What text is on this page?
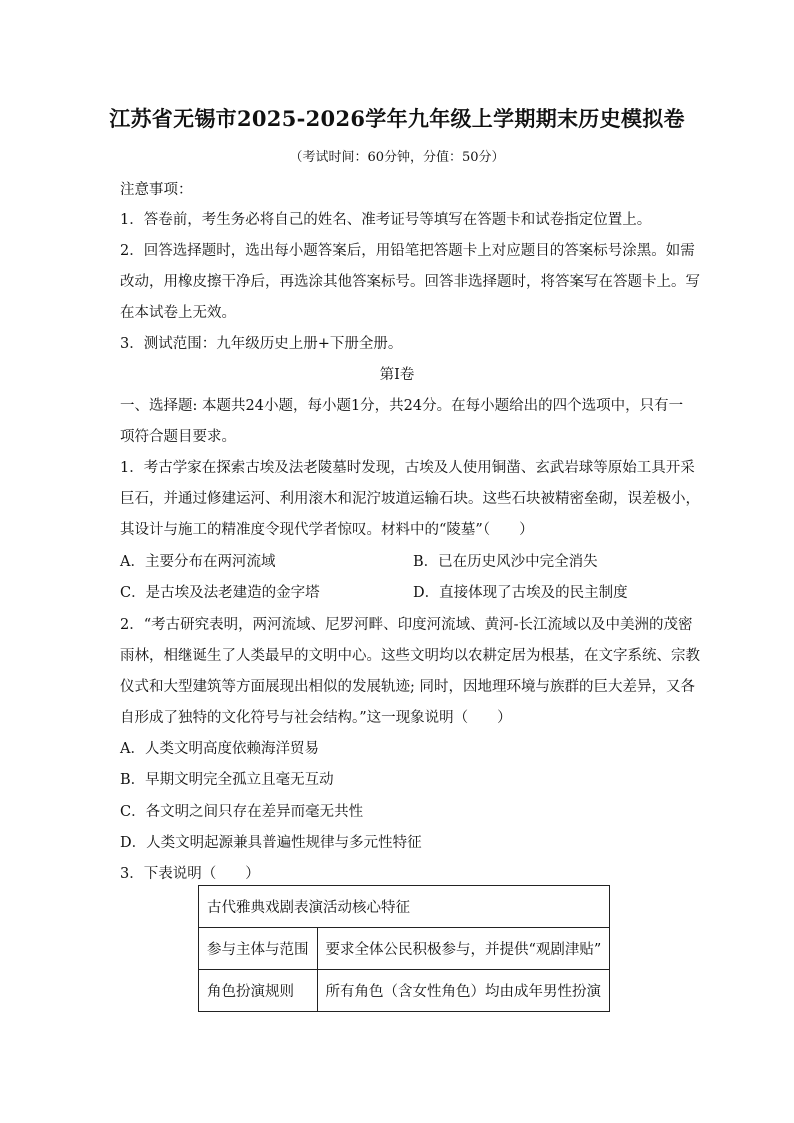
江苏省无锡市2025-2026学年九年级上学期期末历史模拟卷
（考试时间：60分钟，分值：50分）
注意事项：
1．答卷前，考生务必将自己的姓名、准考证号等填写在答题卡和试卷指定位置上。
2．回答选择题时，选出每小题答案后，用铅笔把答题卡上对应题目的答案标号涂黑。如需
改动，用橡皮擦干净后，再选涂其他答案标号。回答非选择题时，将答案写在答题卡上。写
在本试卷上无效。
3．测试范围：九年级历史上册+下册全册。
第Ⅰ卷
一、选择题: 本题共24小题，每小题1分，共24分。在每小题给出的四个选项中，只有一
项符合题目要求。
1．考古学家在探索古埃及法老陵墓时发现，古埃及人使用铜凿、玄武岩球等原始工具开采
巨石，并通过修建运河、利用滚木和泥泞坡道运输石块。这些石块被精密垒砌，误差极小，
其设计与施工的精准度令现代学者惊叹。材料中的“陵墓”（　　）
A．主要分布在两河流域	B．已在历史风沙中完全消失
C．是古埃及法老建造的金字塔	D．直接体现了古埃及的民主制度
2．“考古研究表明，两河流域、尼罗河畔、印度河流域、黄河-长江流域以及中美洲的茂密
雨林，相继诞生了人类最早的文明中心。这些文明均以农耕定居为根基，在文字系统、宗教
仪式和大型建筑等方面展现出相似的发展轨迹; 同时，因地理环境与族群的巨大差异，又各
自形成了独特的文化符号与社会结构。”这一现象说明（　　）
A．人类文明高度依赖海洋贸易
B．早期文明完全孤立且毫无互动
C．各文明之间只存在差异而毫无共性
D．人类文明起源兼具普遍性规律与多元性特征
3．下表说明（　　）
古代雅典戏剧表演活动核心特征	
参与主体与范围	要求全体公民积极参与，并提供“观剧津贴”
角色扮演规则	所有角色（含女性角色）均由成年男性扮演
